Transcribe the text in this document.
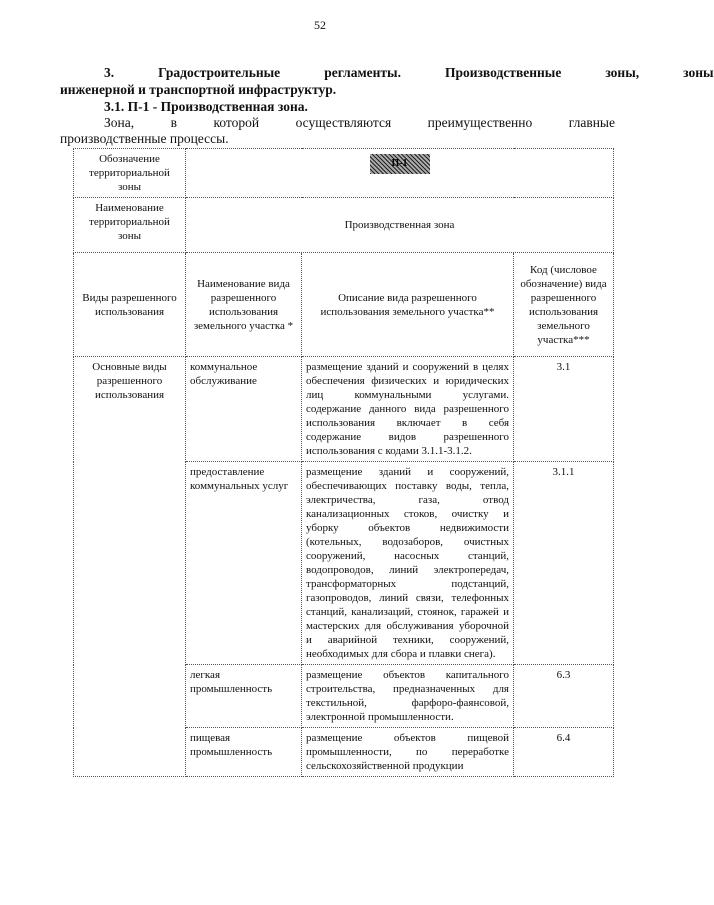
52
3.	Градостроительные	регламенты.	Производственные	зоны,	зоны
инженерной и транспортной инфраструктур.
3.1. П-1 - Производственная зона.
Зона,	в	которой	осуществляются	преимущественно	главные
производственные процессы.
Обозначение территориальной зоны	П-1		
Наименование территориальной зоны	Производственная зона		
Виды разрешенного использования	Наименование вида разрешенного использования земельного участка *	Описание вида разрешенного использования земельного участка**	Код (числовое обозначение) вида разрешенного использования земельного участка***
Основные виды разрешенного использования	коммунальное обслуживание	размещение зданий и сооружений в целях обеспечения физических и юридических лиц коммунальными услугами. содержание данного вида разрешенного использования включает в себя содержание видов разрешенного использования с кодами 3.1.1-3.1.2.	3.1
	предоставление коммунальных услуг	размещение зданий и сооружений, обеспечивающих поставку воды, тепла, электричества, газа, отвод канализационных стоков, очистку и уборку объектов недвижимости (котельных, водозаборов, очистных сооружений, насосных станций, водопроводов, линий электропередач, трансформаторных подстанций, газопроводов, линий связи, телефонных станций, канализаций, стоянок, гаражей и мастерских для обслуживания уборочной и аварийной техники, сооружений, необходимых для сбора и плавки снега).	3.1.1
	легкая промышленность	размещение объектов капитального строительства, предназначенных для текстильной, фарфоро-фаянсовой, электронной промышленности.	6.3
	пищевая промышленность	размещение объектов пищевой промышленности, по переработке сельскохозяйственной продукции	6.4
